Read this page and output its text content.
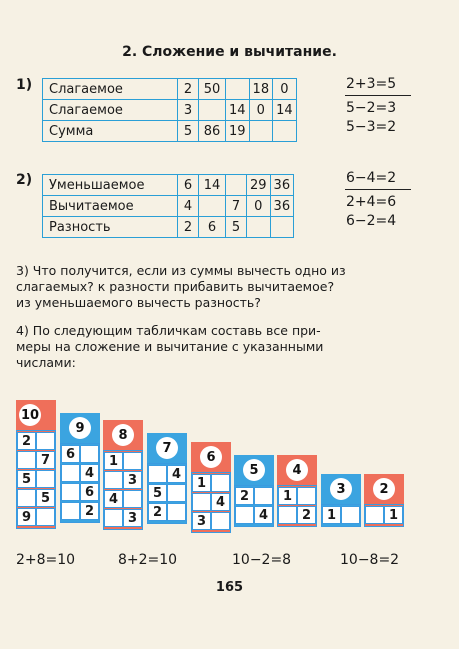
2. Сложение и вычитание.
1) Слагаемое	2	50		18	0
Слагаемое	3		14	0	14
Сумма	5	86	19		
2+3=5
5−2=3
5−3=2
2) Уменьшаемое	6	14		29	36
Вычитаемое	4		7	0	36
Разность	2	6	5		
6−4=2
2+4=6
6−2=4
3) Что получится, если из суммы вычесть одно из
слагаемых? к разности прибавить вычитаемое?
из уменьшаемого вычесть разность?
4) По следующим табличкам составь все при-
меры на сложение и вычитание с указанными
числами:
10
2
7
5
5
9
9
6
4
6
2
8
1
3
4
3
7
4
5
2
6
1
4
3
5
2
4
4
1
2
3
1
2
1
2+8=10	8+2=10	10−2=8	10−8=2
165
